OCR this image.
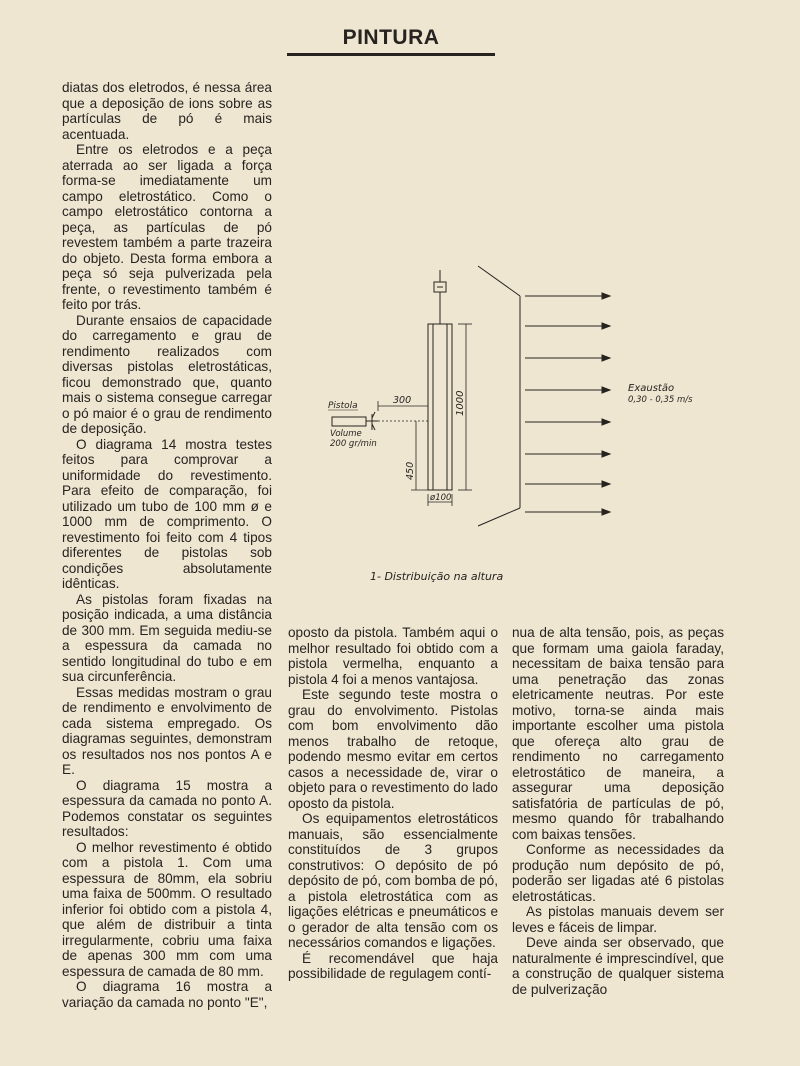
PINTURA

diatas dos eletrodos, é nessa área que a deposição de ions sobre as partículas de pó é mais acentuada.

Entre os eletrodos e a peça aterrada ao ser ligada a força forma-se imediatamente um campo eletrostático. Como o campo eletrostático contorna a peça, as partículas de pó revestem também a parte trazeira do objeto. Desta forma embora a peça só seja pulverizada pela frente, o revestimento também é feito por trás.

Durante ensaios de capacidade do carregamento e grau de rendimento realizados com diversas pistolas eletrostáticas, ficou demonstrado que, quanto mais o sistema consegue carregar o pó maior é o grau de rendimento de deposição.

O diagrama 14 mostra testes feitos para comprovar a uniformidade do revestimento. Para efeito de comparação, foi utilizado um tubo de 100 mm ø e 1000 mm de comprimento. O revestimento foi feito com 4 tipos diferentes de pistolas sob condições absolutamente idênticas.

As pistolas foram fixadas na posição indicada, a uma distância de 300 mm. Em seguida mediu-se a espessura da camada no sentido longitudinal do tubo e em sua circunferência.

Essas medidas mostram o grau de rendimento e envolvimento de cada sistema empregado. Os diagramas seguintes, demonstram os resultados nos nos pontos A e E.

O diagrama 15 mostra a espessura da camada no ponto A. Podemos constatar os seguintes resultados:

O melhor revestimento é obtido com a pistola 1. Com uma espessura de 80mm, ela sobriu uma faixa de 500mm. O resultado inferior foi obtido com a pistola 4, que além de distribuir a tinta irregularmente, cobriu uma faixa de apenas 300 mm com uma espessura de camada de 80 mm.

O diagrama 16 mostra a variação da camada no ponto "E",

1000
ø100
Pistola
Volume
200 gr/min
300
450
Exaustão
0,30 - 0,35 m/s
1- Distribuição na altura

oposto da pistola. Também aqui o melhor resultado foi obtido com a pistola vermelha, enquanto a pistola 4 foi a menos vantajosa.

Este segundo teste mostra o grau do envolvimento. Pistolas com bom envolvimento dão menos trabalho de retoque, podendo mesmo evitar em certos casos a necessidade de, virar o objeto para o revestimento do lado oposto da pistola.

Os equipamentos eletrostáticos manuais, são essencialmente constituídos de 3 grupos construtivos: O depósito de pó depósito de pó, com bomba de pó, a pistola eletrostática com as ligações elétricas e pneumáticos e o gerador de alta tensão com os necessários comandos e ligações.

É recomendável que haja possibilidade de regulagem contí-

nua de alta tensão, pois, as peças que formam uma gaiola faraday, necessitam de baixa tensão para uma penetração das zonas eletricamente neutras. Por este motivo, torna-se ainda mais importante escolher uma pistola que ofereça alto grau de rendimento no carregamento eletrostático de maneira, a assegurar uma deposição satisfatória de partículas de pó, mesmo quando fôr trabalhando com baixas tensões.

Conforme as necessidades da produção num depósito de pó, poderão ser ligadas até 6 pistolas eletrostáticas.

As pistolas manuais devem ser leves e fáceis de limpar.

Deve ainda ser observado, que naturalmente é imprescindível, que a construção de qualquer sistema de pulverização
